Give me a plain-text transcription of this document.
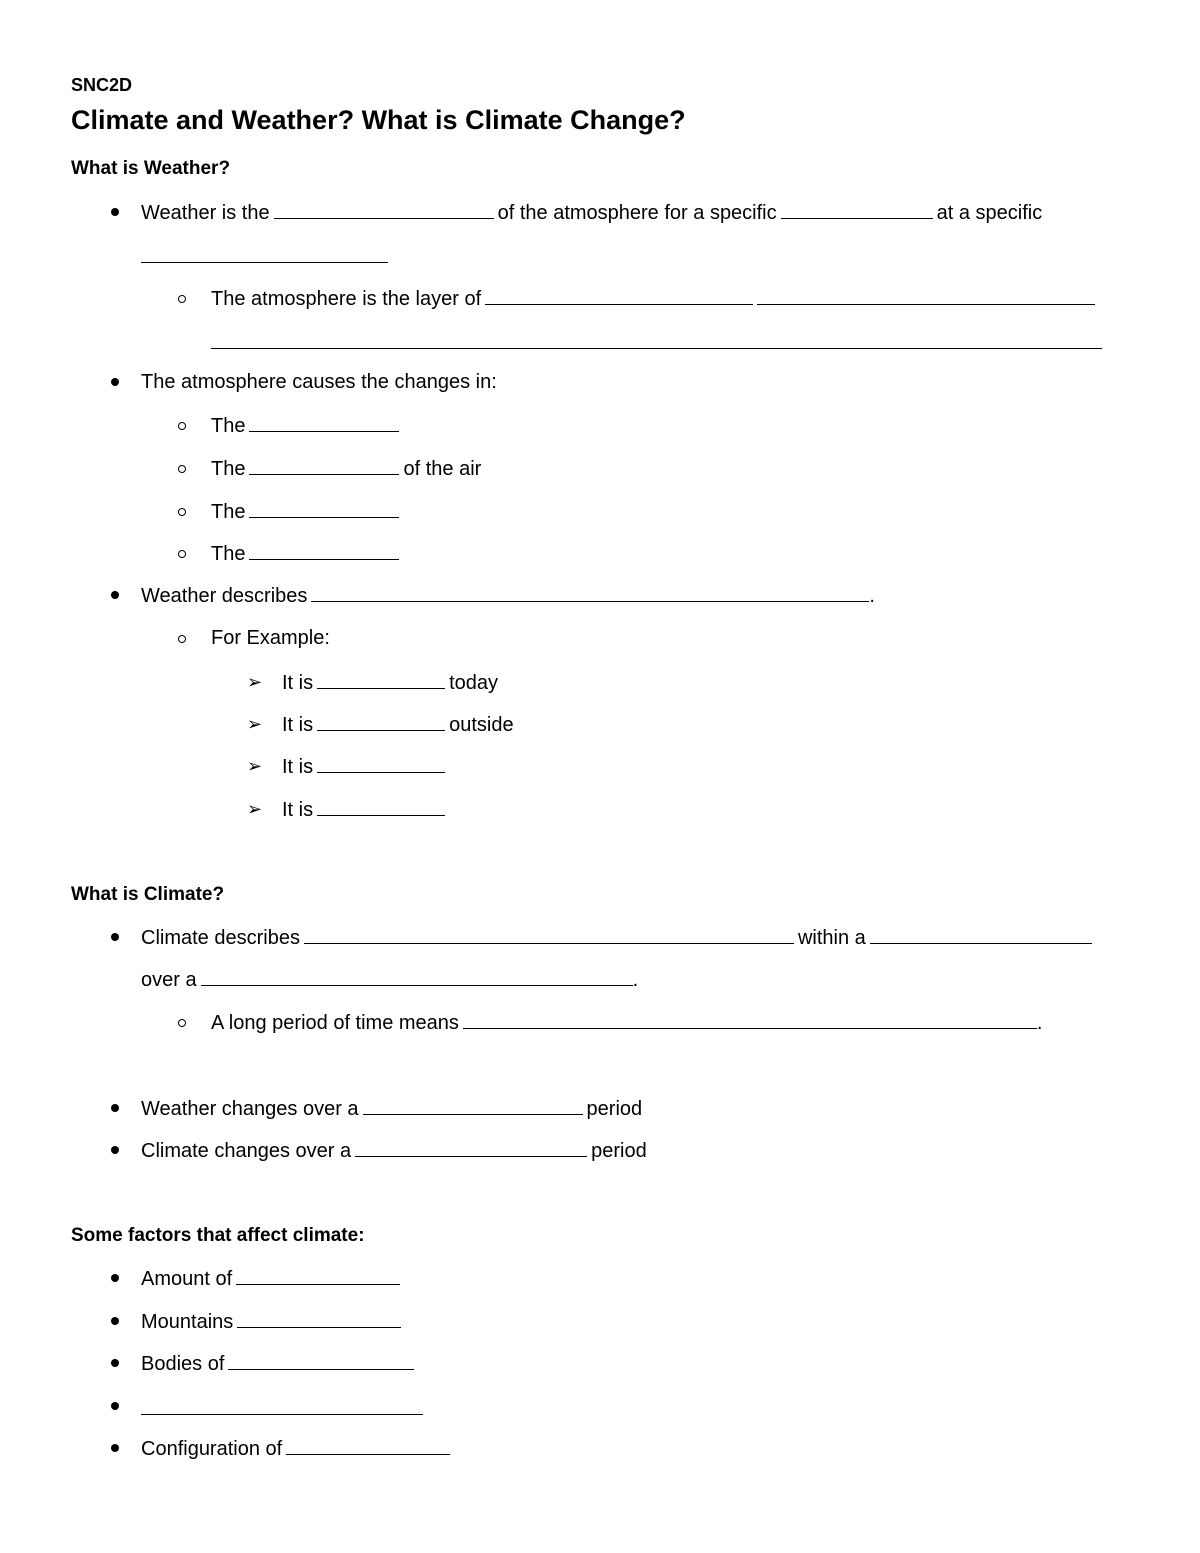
SNC2D
Climate and Weather? What is Climate Change?
What is Weather?
Weather is the	of the atmosphere for a specific	at a specific
The atmosphere is the layer of
The atmosphere causes the changes in:
The
The	of the air
The
The
Weather describes	.
For Example:
➢ It is	today
➢ It is	outside
➢ It is
➢ It is
What is Climate?
Climate describes	within a
over a	.
A long period of time means	.
Weather changes over a	period
Climate changes over a	period
Some factors that affect climate:
Amount of
Mountains
Bodies of
Configuration of
